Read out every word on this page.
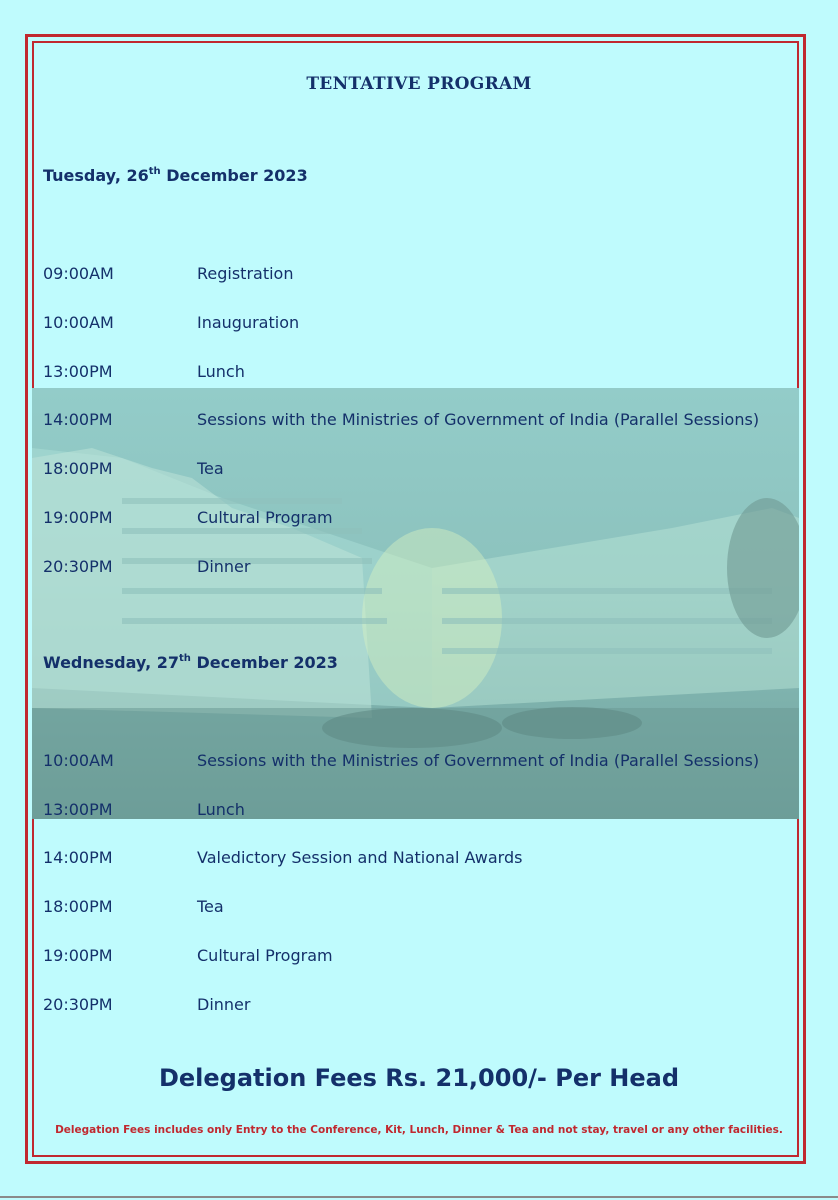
TENTATIVE PROGRAM
Tuesday, 26th December 2023
09:00AM	Registration
10:00AM	Inauguration
13:00PM	Lunch
14:00PM	Sessions with the Ministries of Government of India (Parallel Sessions)
18:00PM	Tea
19:00PM	Cultural Program
20:30PM	Dinner
Wednesday, 27th December 2023
10:00AM	Sessions with the Ministries of Government of India (Parallel Sessions)
13:00PM	Lunch
14:00PM	Valedictory Session and National Awards
18:00PM	Tea
19:00PM	Cultural Program
20:30PM	Dinner
Delegation Fees Rs. 21,000/- Per Head
Delegation Fees includes only Entry to the Conference, Kit, Lunch, Dinner & Tea and not stay, travel or any other facilities.
